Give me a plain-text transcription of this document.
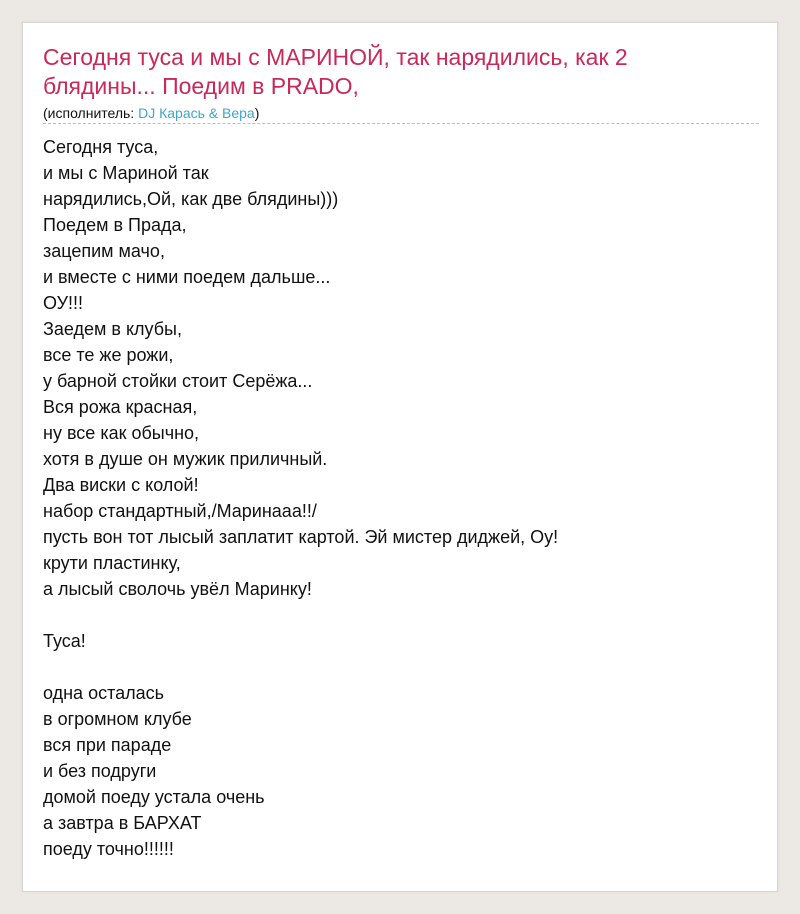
Сегодня туса и мы с МАРИНОЙ, так нарядились, как 2 блядины... Поедим в PRADO,
(исполнитель: DJ Карась & Вера)
Сегодня туса,
и мы с Мариной так
нарядились,Ой, как две блядины)))
Поедем в Прада,
зацепим мачо,
и вместе с ними поедем дальше...
ОУ!!!
Заедем в клубы,
все те же рожи,
у барной стойки стоит Серёжа...
Вся рожа красная,
ну все как обычно,
хотя в душе он мужик приличный.
Два виски с колой!
набор стандартный,/Маринааа!!/
пусть вон тот лысый заплатит картой. Эй мистер диджей, Оу!
крути пластинку,
а лысый сволочь увёл Маринку!
Туса!
одна осталась
в огромном клубе
вся при параде
и без подруги
домой поеду устала очень
а завтра в БАРХАТ
поеду точно!!!!!!
